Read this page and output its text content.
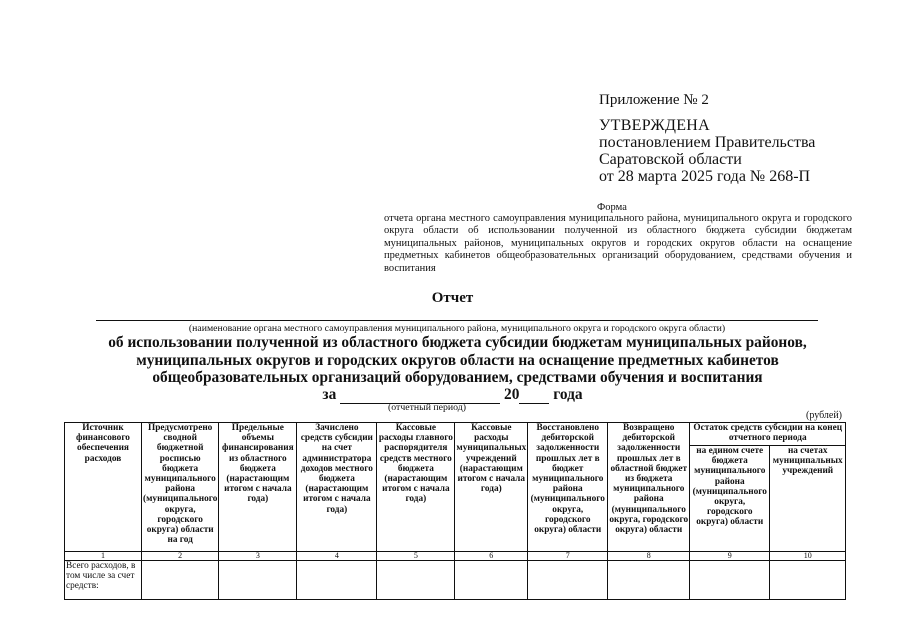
Приложение № 2
УТВЕРЖДЕНА
постановлением Правительства
Саратовской области
от 28 марта 2025 года № 268-П
Форма
отчета органа местного самоуправления муниципального района, муниципального округа и городского округа области об использовании полученной из областного бюджета субсидии бюджетам муниципальных районов, муниципальных округов и городских округов области на оснащение предметных кабинетов общеобразовательных организаций оборудованием, средствами обучения и воспитания
Отчет
(наименование органа местного самоуправления муниципального района, муниципального округа и городского округа области)
об использовании полученной из областного бюджета субсидии бюджетам муниципальных районов,
муниципальных округов и городских округов области на оснащение предметных кабинетов
общеобразовательных организаций оборудованием, средствами обучения и воспитания
за	20 года
(отчетный период)
(рублей)
Источник финансового обеспечения расходов	Предусмотрено сводной бюджетной росписью бюджета муниципального района (муниципального округа, городского округа) области на год	Предельные объемы финансирования из областного бюджета (нарастающим итогом с начала года)	Зачислено средств субсидии на счет администратора доходов местного бюджета (нарастающим итогом с начала года)	Кассовые расходы главного распорядителя средств местного бюджета (нарастающим итогом с начала года)	Кассовые расходы муниципальных учреждений (нарастающим итогом с начала года)	Восстановлено дебиторской задолженности прошлых лет в бюджет муниципального района (муниципального округа, городского округа) области	Возвращено дебиторской задолженности прошлых лет в областной бюджет из бюджета муниципального района (муниципального округа, городского округа) области	Остаток средств субсидии на конец отчетного периода	
								на едином счете бюджета муниципального района (муниципального округа, городского округа) области	на счетах муниципальных учреждений
1	2	3	4	5	6	7	8	9	10
Всего расходов, в том числе за счет средств:									
